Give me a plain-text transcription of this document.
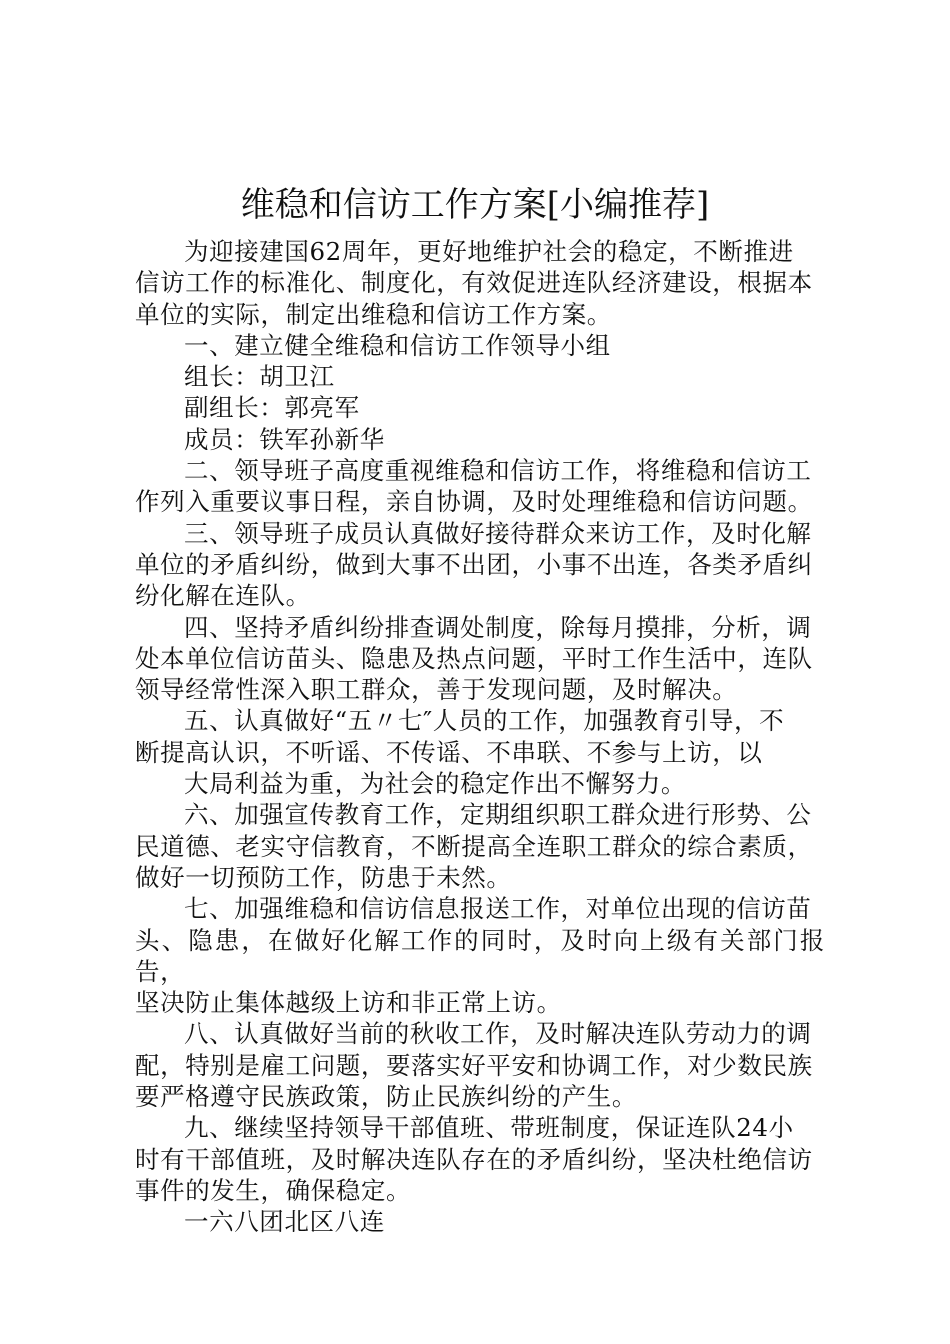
维稳和信访工作方案[小编推荐]
为迎接建国62周年，更好地维护社会的稳定，不断推进
信访工作的标准化、制度化，有效促进连队经济建设，根据本
单位的实际，制定出维稳和信访工作方案。
一、建立健全维稳和信访工作领导小组
组长：胡卫江
副组长：郭亮军
成员：铁军孙新华
二、领导班子高度重视维稳和信访工作，将维稳和信访工
作列入重要议事日程，亲自协调，及时处理维稳和信访问题。
三、领导班子成员认真做好接待群众来访工作，及时化解
单位的矛盾纠纷，做到大事不出团，小事不出连，各类矛盾纠
纷化解在连队。
四、坚持矛盾纠纷排查调处制度，除每月摸排，分析，调
处本单位信访苗头、隐患及热点问题，平时工作生活中，连队
领导经常性深入职工群众，善于发现问题，及时解决。
五、认真做好“五〃七″人员的工作，加强教育引导，不
断提高认识，不听谣、不传谣、不串联、不参与上访，以
大局利益为重，为社会的稳定作出不懈努力。
六、加强宣传教育工作，定期组织职工群众进行形势、公
民道德、老实守信教育，不断提高全连职工群众的综合素质，
做好一切预防工作，防患于未然。
七、加强维稳和信访信息报送工作，对单位出现的信访苗
头、隐患，在做好化解工作的同时，及时向上级有关部门报告，
坚决防止集体越级上访和非正常上访。
八、认真做好当前的秋收工作，及时解决连队劳动力的调
配，特别是雇工问题，要落实好平安和协调工作，对少数民族
要严格遵守民族政策，防止民族纠纷的产生。
九、继续坚持领导干部值班、带班制度，保证连队24小
时有干部值班，及时解决连队存在的矛盾纠纷，坚决杜绝信访
事件的发生，确保稳定。
一六八团北区八连
